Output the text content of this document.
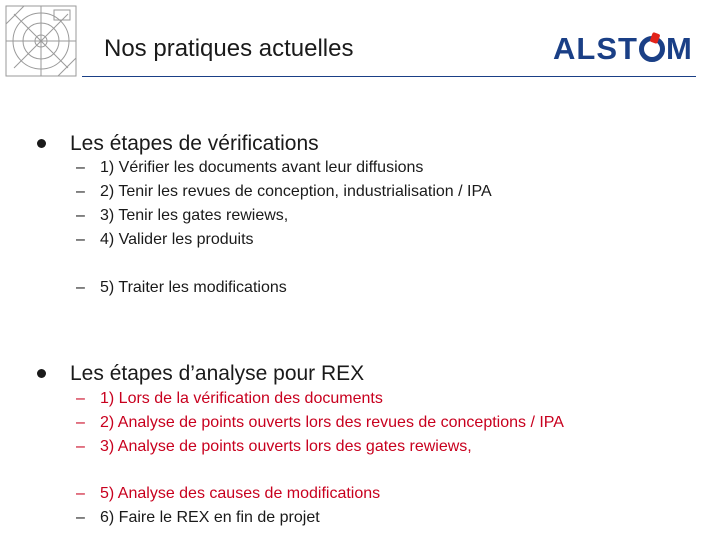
Nos pratiques actuelles	ALST M
Les étapes de vérifications
– 1) Vérifier les documents avant leur diffusions
– 2) Tenir les revues de conception, industrialisation / IPA
– 3) Tenir les gates rewiews,
– 4) Valider les produits
– 5) Traiter les modifications
Les étapes d’analyse pour REX
– 1) Lors de la vérification des documents
– 2) Analyse de points ouverts lors des revues de conceptions / IPA
– 3) Analyse de points ouverts lors des gates rewiews,
– 5) Analyse des causes de modifications
– 6) Faire le REX en fin de projet
